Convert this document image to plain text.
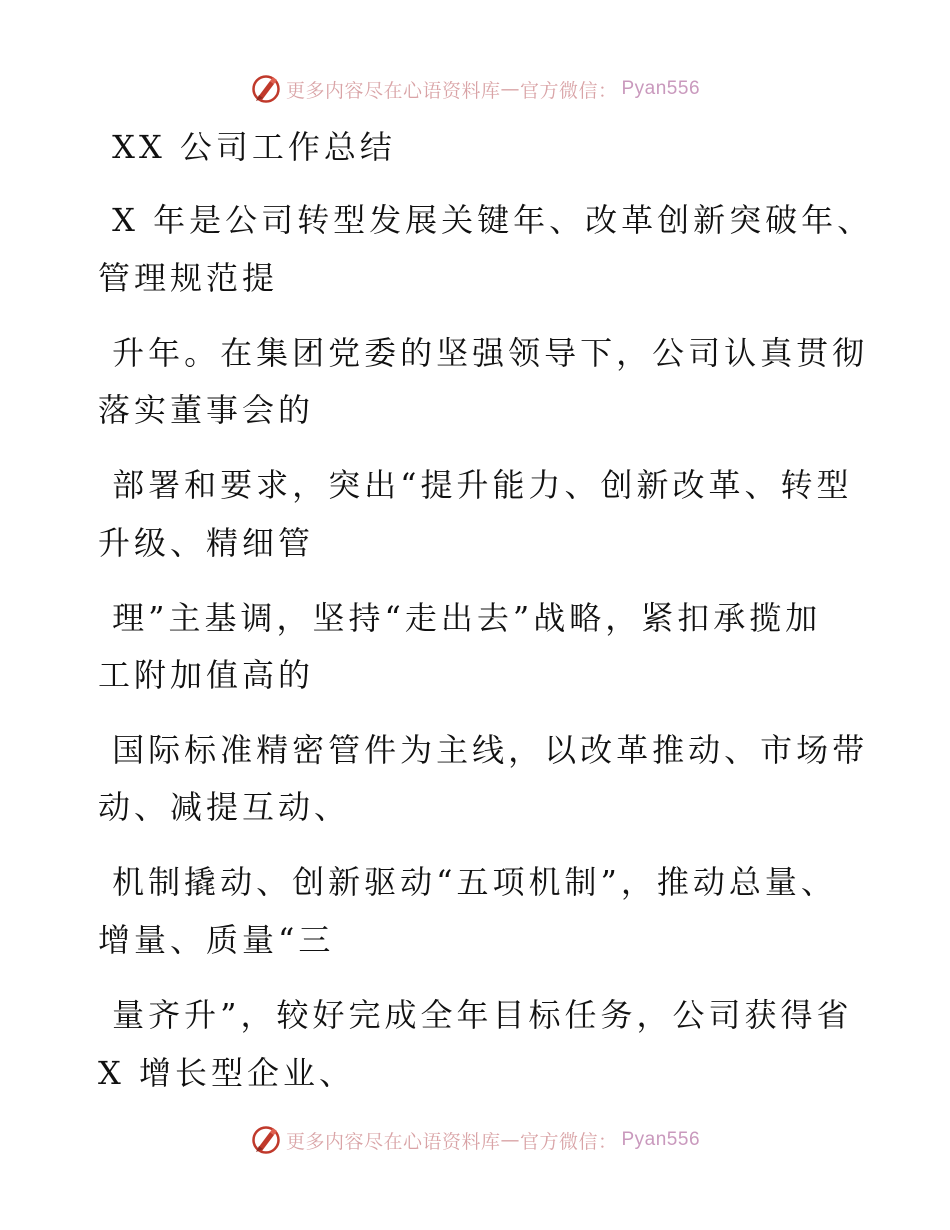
更多内容尽在心语资料库 — 官方微信： Pyan556
XX 公司工作总结
X 年是公司转型发展关键年、改革创新突破年、
管理规范提
升年。在集团党委的坚强领导下，公司认真贯彻
落实董事会的
部署和要求，突出“提升能力、创新改革、转型
升级、精细管
理”主基调，坚持“走出去”战略，紧扣承揽加
工附加值高的
国际标准精密管件为主线，以改革推动、市场带
动、减提互动、
机制撬动、创新驱动“五项机制”，推动总量、
增量、质量“三
量齐升”，较好完成全年目标任务，公司获得省
X 增长型企业、
更多内容尽在心语资料库 — 官方微信： Pyan556
